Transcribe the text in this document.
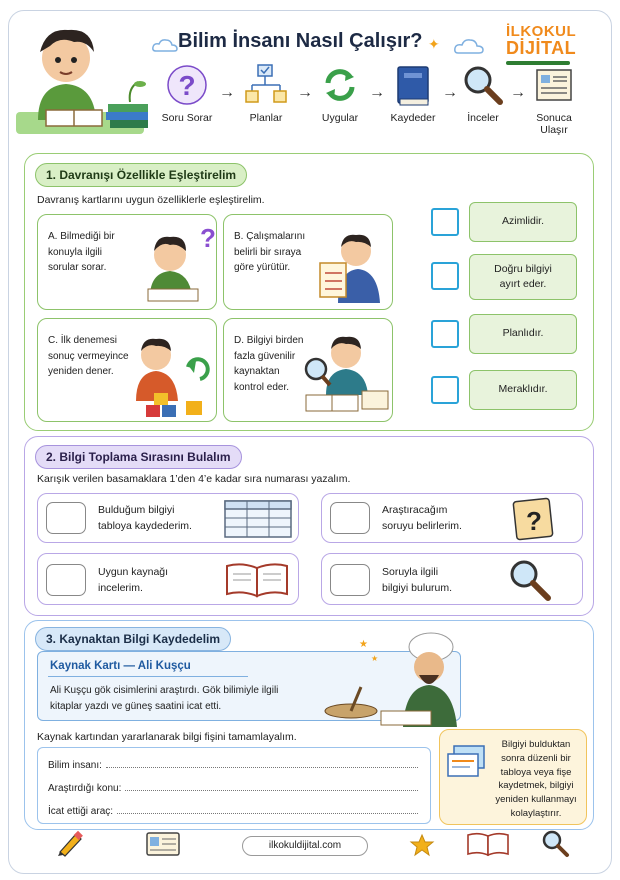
Bilim İnsanı Nasıl Çalışır? ✦
İLKOKUL
DİJİTAL
?
Soru Sorar
→
Planlar
→
Uygular
→
Kaydeder
→
İnceler
→
Sonuca
Ulaşır
1. Davranışı Özellikle Eşleştirelim
Davranış kartlarını uygun özelliklerle eşleştirelim.
A. Bilmediği bir
konuyla ilgili
sorular sorar.
? B. Çalışmalarını
belirli bir sıraya
göre yürütür.
C. İlk denemesi
sonuç vermeyince
yeniden dener.
D. Bilgiyi birden
fazla güvenilir
kaynaktan
kontrol eder.
Azimlidir.
Doğru bilgiyi
ayırt eder.
Planlıdır.
Meraklıdır.
2. Bilgi Toplama Sırasını Bulalım
Karışık verilen basamaklara 1’den 4’e kadar sıra numarası yazalım.
Bulduğum bilgiyi
tabloya kaydederim.
Araştıracağım
soruyu belirlerim. ?
Uygun kaynağı
incelerim.
Soruyla ilgili
bilgiyi bulurum.
3. Kaynaktan Bilgi Kaydedelim
Kaynak Kartı — Ali Kuşçu
Ali Kuşçu gök cisimlerini araştırdı. Gök bilimiyle ilgili
kitaplar yazdı ve güneş saatini icat etti.
★
★
Kaynak kartından yararlanarak bilgi fişini tamamlayalım.
Bilim insanı:
Araştırdığı konu:
İcat ettiği araç:
Bilgiyi bulduktan
sonra düzenli bir
tabloya veya fişe
kaydetmek, bilgiyi
yeniden kullanmayı
kolaylaştırır.
ilkokuldijital.com
